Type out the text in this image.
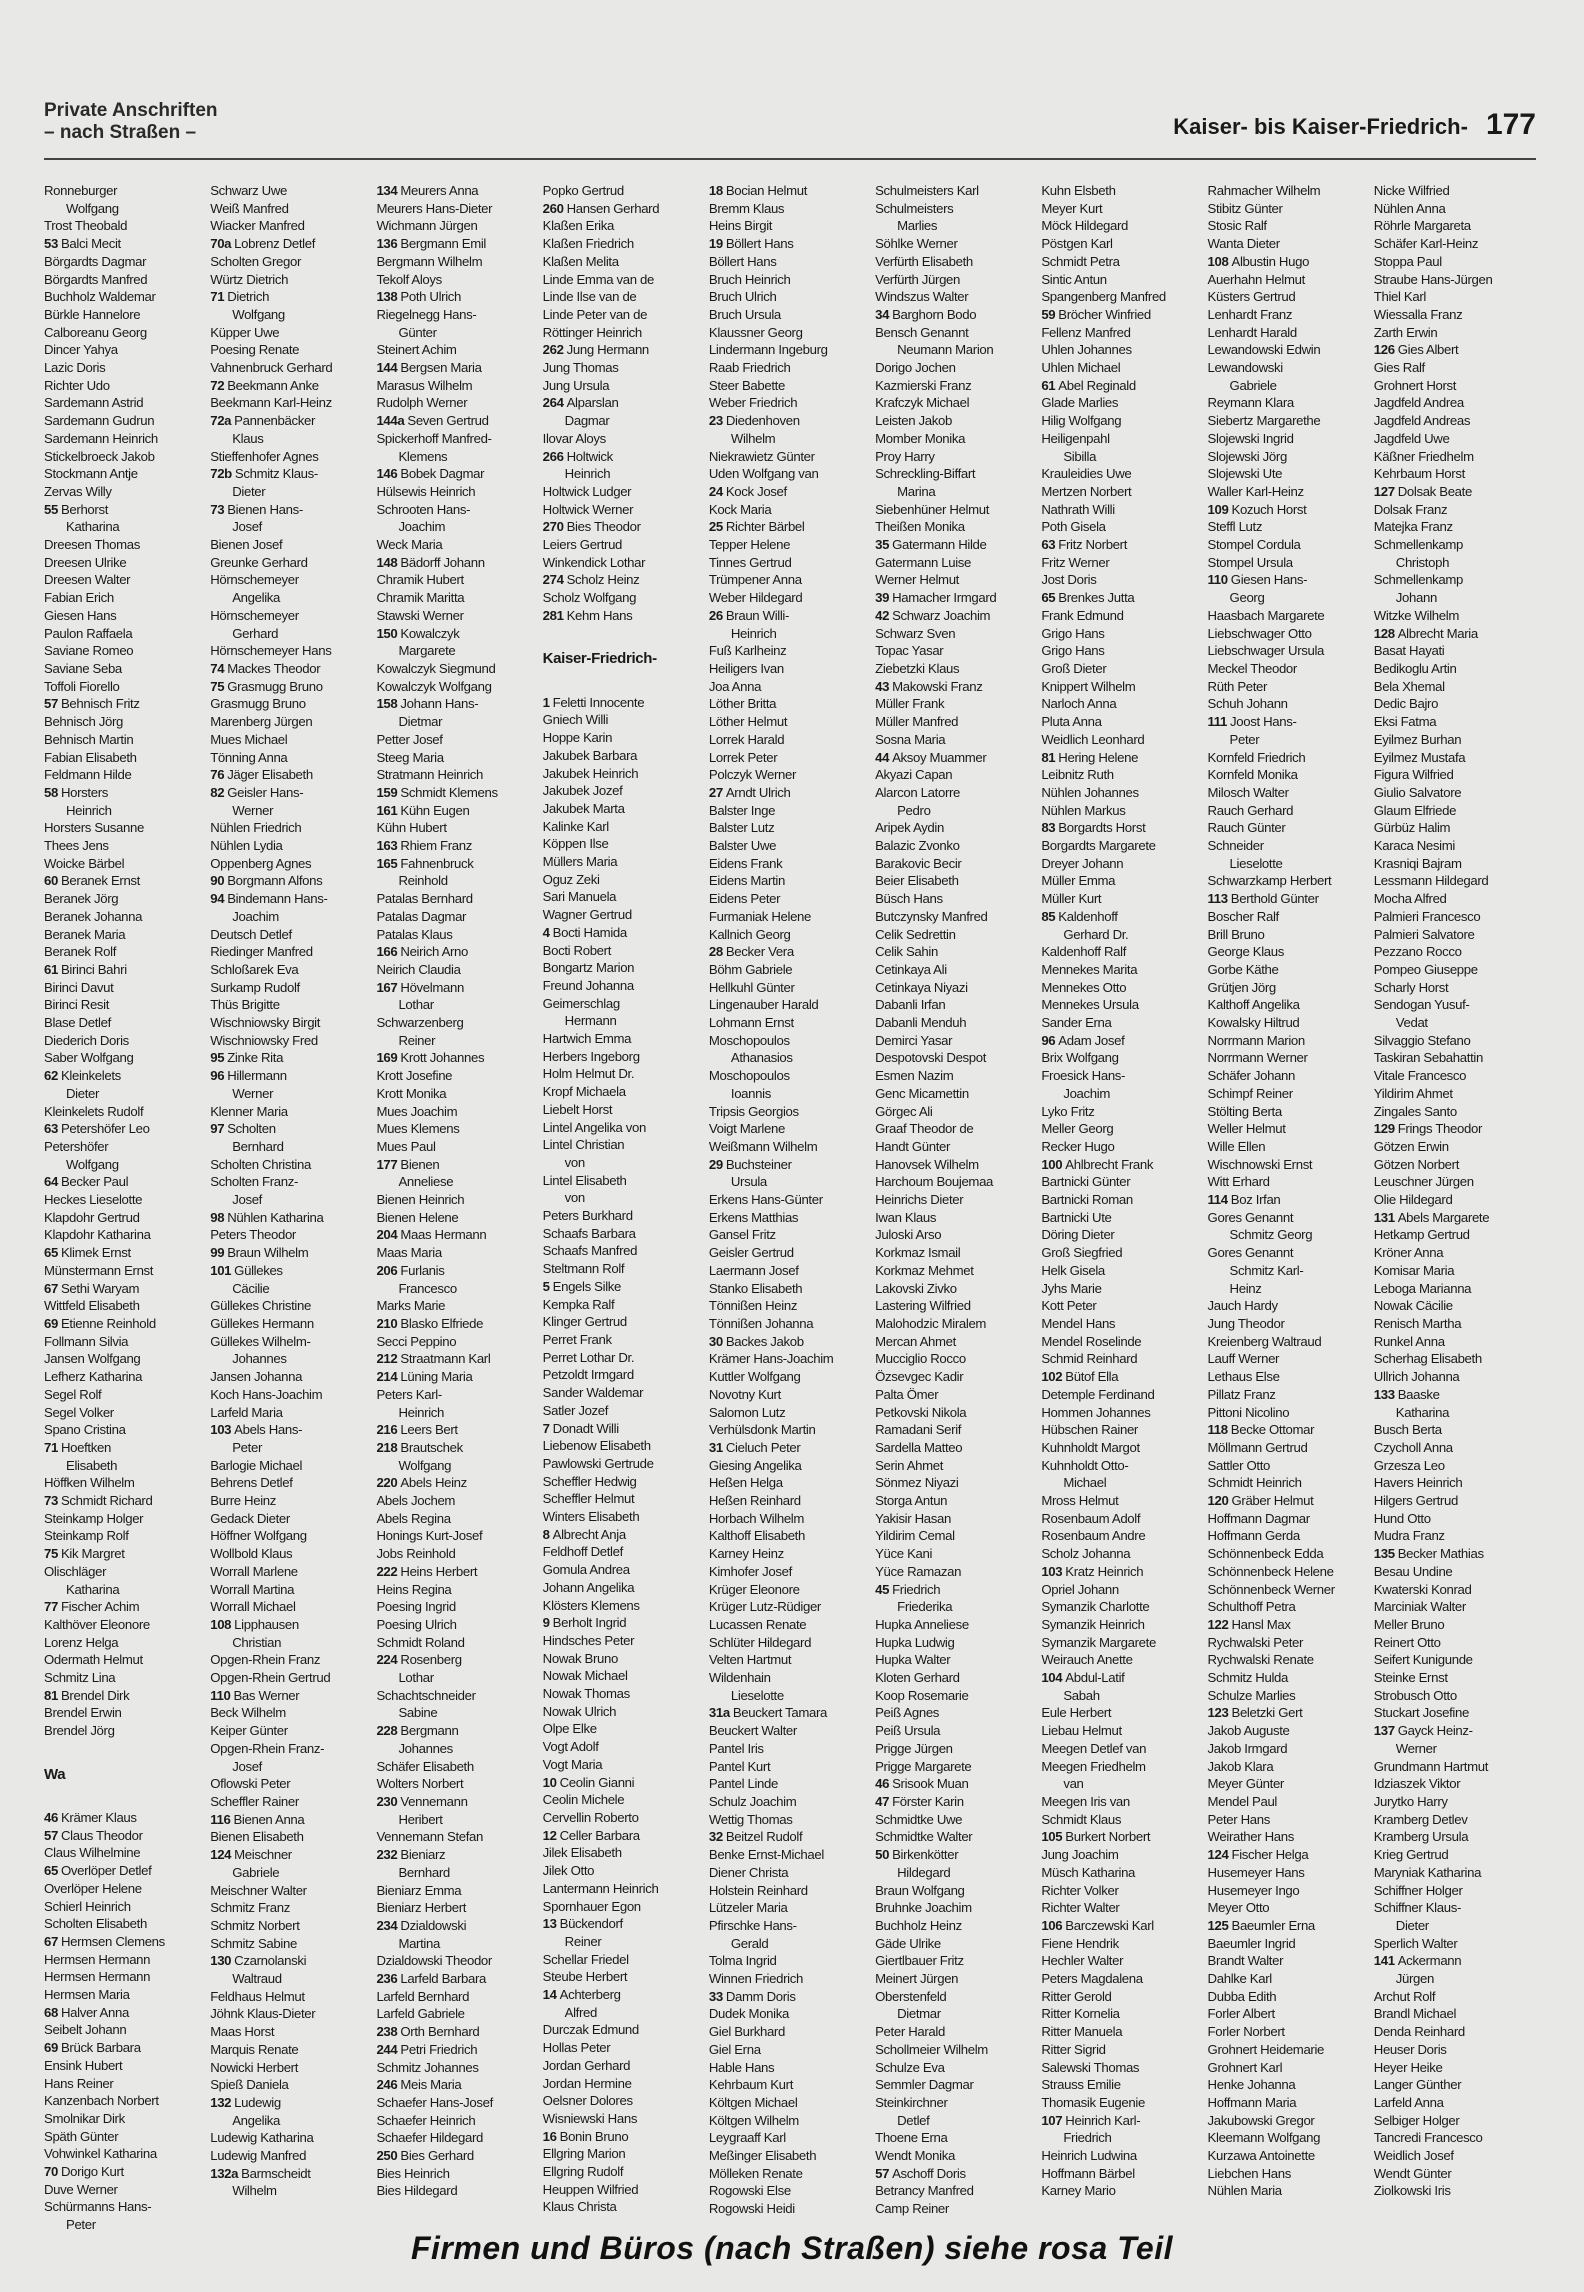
Private Anschriften
– nach Straßen –	Kaiser- bis Kaiser-Friedrich- 177
Ronneburger
Wolfgang
Trost Theobald
53 Balci Mecit
Börgardts Dagmar
Börgardts Manfred
Buchholz Waldemar
Bürkle Hannelore
Calboreanu Georg
Dincer Yahya
Lazic Doris
Richter Udo
Sardemann Astrid
Sardemann Gudrun
Sardemann Heinrich
Stickelbroeck Jakob
Stockmann Antje
Zervas Willy
55 Berhorst
Katharina
Dreesen Thomas
Dreesen Ulrike
Dreesen Walter
Fabian Erich
Giesen Hans
Paulon Raffaela
Saviane Romeo
Saviane Seba
Toffoli Fiorello
57 Behnisch Fritz
Behnisch Jörg
Behnisch Martin
Fabian Elisabeth
Feldmann Hilde
58 Horsters
Heinrich
Horsters Susanne
Thees Jens
Woicke Bärbel
60 Beranek Ernst
Beranek Jörg
Beranek Johanna
Beranek Maria
Beranek Rolf
61 Birinci Bahri
Birinci Davut
Birinci Resit
Blase Detlef
Diederich Doris
Saber Wolfgang
62 Kleinkelets
Dieter
Kleinkelets Rudolf
63 Petershöfer Leo
Petershöfer
Wolfgang
64 Becker Paul
Heckes Lieselotte
Klapdohr Gertrud
Klapdohr Katharina
65 Klimek Ernst
Münstermann Ernst
67 Sethi Waryam
Wittfeld Elisabeth
69 Etienne Reinhold
Follmann Silvia
Jansen Wolfgang
Lefherz Katharina
Segel Rolf
Segel Volker
Spano Cristina
71 Hoeftken
Elisabeth
Höffken Wilhelm
73 Schmidt Richard
Steinkamp Holger
Steinkamp Rolf
75 Kik Margret
Olischläger
Katharina
77 Fischer Achim
Kalthöver Eleonore
Lorenz Helga
Odermath Helmut
Schmitz Lina
81 Brendel Dirk
Brendel Erwin
Brendel Jörg

Wa

46 Krämer Klaus
57 Claus Theodor
Claus Wilhelmine
65 Overlöper Detlef
Overlöper Helene
Schierl Heinrich
Scholten Elisabeth
67 Hermsen Clemens
Hermsen Hermann
Hermsen Hermann
Hermsen Maria
68 Halver Anna
Seibelt Johann
69 Brück Barbara
Ensink Hubert
Hans Reiner
Kanzenbach Norbert
Smolnikar Dirk
Späth Günter
Vohwinkel Katharina
70 Dorigo Kurt
Duve Werner
Schürmanns Hans-
Peter
Schwarz Uwe
Weiß Manfred
Wiacker Manfred
70a Lobrenz Detlef
Scholten Gregor
Würtz Dietrich
71 Dietrich
Wolfgang
Küpper Uwe
Poesing Renate
Vahnenbruck Gerhard
72 Beekmann Anke
Beekmann Karl-Heinz
72a Pannenbäcker
Klaus
Stieffenhofer Agnes
72b Schmitz Klaus-
Dieter
73 Bienen Hans-
Josef
Bienen Josef
Greunke Gerhard
Hörnschemeyer
Angelika
Hörnschemeyer
Gerhard
Hörnschemeyer Hans
74 Mackes Theodor
75 Grasmugg Bruno
Grasmugg Bruno
Marenberg Jürgen
Mues Michael
Tönning Anna
76 Jäger Elisabeth
82 Geisler Hans-
Werner
Nühlen Friedrich
Nühlen Lydia
Oppenberg Agnes
90 Borgmann Alfons
94 Bindemann Hans-
Joachim
Deutsch Detlef
Riedinger Manfred
Schloßarek Eva
Surkamp Rudolf
Thüs Brigitte
Wischniowsky Birgit
Wischniowsky Fred
95 Zinke Rita
96 Hillermann
Werner
Klenner Maria
97 Scholten
Bernhard
Scholten Christina
Scholten Franz-
Josef
98 Nühlen Katharina
Peters Theodor
99 Braun Wilhelm
101 Güllekes
Cäcilie
Güllekes Christine
Güllekes Hermann
Güllekes Wilhelm-
Johannes
Jansen Johanna
Koch Hans-Joachim
Larfeld Maria
103 Abels Hans-
Peter
Barlogie Michael
Behrens Detlef
Burre Heinz
Gedack Dieter
Höffner Wolfgang
Wollbold Klaus
Worrall Marlene
Worrall Martina
Worrall Michael
108 Lipphausen
Christian
Opgen-Rhein Franz
Opgen-Rhein Gertrud
110 Bas Werner
Beck Wilhelm
Keiper Günter
Opgen-Rhein Franz-
Josef
Oflowski Peter
Scheffler Rainer
116 Bienen Anna
Bienen Elisabeth
124 Meischner
Gabriele
Meischner Walter
Schmitz Franz
Schmitz Norbert
Schmitz Sabine
130 Czarnolanski
Waltraud
Feldhaus Helmut
Jöhnk Klaus-Dieter
Maas Horst
Marquis Renate
Nowicki Herbert
Spieß Daniela
132 Ludewig
Angelika
Ludewig Katharina
Ludewig Manfred
132a Barmscheidt
Wilhelm
134 Meurers Anna
Meurers Hans-Dieter
Wichmann Jürgen
136 Bergmann Emil
Bergmann Wilhelm
Tekolf Aloys
138 Poth Ulrich
Riegelnegg Hans-
Günter
Steinert Achim
144 Bergsen Maria
Marasus Wilhelm
Rudolph Werner
144a Seven Gertrud
Spickerhoff Manfred-
Klemens
146 Bobek Dagmar
Hülsewis Heinrich
Schrooten Hans-
Joachim
Weck Maria
148 Bädorff Johann
Chramik Hubert
Chramik Maritta
Stawski Werner
150 Kowalczyk
Margarete
Kowalczyk Siegmund
Kowalczyk Wolfgang
158 Johann Hans-
Dietmar
Petter Josef
Steeg Maria
Stratmann Heinrich
159 Schmidt Klemens
161 Kühn Eugen
Kühn Hubert
163 Rhiem Franz
165 Fahnenbruck
Reinhold
Patalas Bernhard
Patalas Dagmar
Patalas Klaus
166 Neirich Arno
Neirich Claudia
167 Hövelmann
Lothar
Schwarzenberg
Reiner
169 Krott Johannes
Krott Josefine
Krott Monika
Mues Joachim
Mues Klemens
Mues Paul
177 Bienen
Anneliese
Bienen Heinrich
Bienen Helene
204 Maas Hermann
Maas Maria
206 Furlanis
Francesco
Marks Marie
210 Blasko Elfriede
Secci Peppino
212 Straatmann Karl
214 Lüning Maria
Peters Karl-
Heinrich
216 Leers Bert
218 Brautschek
Wolfgang
220 Abels Heinz
Abels Jochem
Abels Regina
Honings Kurt-Josef
Jobs Reinhold
222 Heins Herbert
Heins Regina
Poesing Ingrid
Poesing Ulrich
Schmidt Roland
224 Rosenberg
Lothar
Schachtschneider
Sabine
228 Bergmann
Johannes
Schäfer Elisabeth
Wolters Norbert
230 Vennemann
Heribert
Vennemann Stefan
232 Bieniarz
Bernhard
Bieniarz Emma
Bieniarz Herbert
234 Dzialdowski
Martina
Dzialdowski Theodor
236 Larfeld Barbara
Larfeld Bernhard
Larfeld Gabriele
238 Orth Bernhard
244 Petri Friedrich
Schmitz Johannes
246 Meis Maria
Schaefer Hans-Josef
Schaefer Heinrich
Schaefer Hildegard
250 Bies Gerhard
Bies Heinrich
Bies Hildegard
Popko Gertrud
260 Hansen Gerhard
Klaßen Erika
Klaßen Friedrich
Klaßen Melita
Linde Emma van de
Linde Ilse van de
Linde Peter van de
Röttinger Heinrich
262 Jung Hermann
Jung Thomas
Jung Ursula
264 Alparslan
Dagmar
Ilovar Aloys
266 Holtwick
Heinrich
Holtwick Ludger
Holtwick Werner
270 Bies Theodor
Leiers Gertrud
Winkendick Lothar
274 Scholz Heinz
Scholz Wolfgang
281 Kehm Hans

Kaiser-Friedrich-

1 Feletti Innocente
Gniech Willi
Hoppe Karin
Jakubek Barbara
Jakubek Heinrich
Jakubek Jozef
Jakubek Marta
Kalinke Karl
Köppen Ilse
Müllers Maria
Oguz Zeki
Sari Manuela
Wagner Gertrud
4 Bocti Hamida
Bocti Robert
Bongartz Marion
Freund Johanna
Geimerschlag
Hermann
Hartwich Emma
Herbers Ingeborg
Holm Helmut Dr.
Kropf Michaela
Liebelt Horst
Lintel Angelika von
Lintel Christian
von
Lintel Elisabeth
von
Peters Burkhard
Schaafs Barbara
Schaafs Manfred
Steltmann Rolf
5 Engels Silke
Kempka Ralf
Klinger Gertrud
Perret Frank
Perret Lothar Dr.
Petzoldt Irmgard
Sander Waldemar
Satler Jozef
7 Donadt Willi
Liebenow Elisabeth
Pawlowski Gertrude
Scheffler Hedwig
Scheffler Helmut
Winters Elisabeth
8 Albrecht Anja
Feldhoff Detlef
Gomula Andrea
Johann Angelika
Klösters Klemens
9 Berholt Ingrid
Hindsches Peter
Nowak Bruno
Nowak Michael
Nowak Thomas
Nowak Ulrich
Olpe Elke
Vogt Adolf
Vogt Maria
10 Ceolin Gianni
Ceolin Michele
Cervellin Roberto
12 Celler Barbara
Jilek Elisabeth
Jilek Otto
Lantermann Heinrich
Spornhauer Egon
13 Bückendorf
Reiner
Schellar Friedel
Steube Herbert
14 Achterberg
Alfred
Durczak Edmund
Hollas Peter
Jordan Gerhard
Jordan Hermine
Oelsner Dolores
Wisniewski Hans
16 Bonin Bruno
Ellgring Marion
Ellgring Rudolf
Heuppen Wilfried
Klaus Christa
18 Bocian Helmut
Bremm Klaus
Heins Birgit
19 Böllert Hans
Böllert Hans
Bruch Heinrich
Bruch Ulrich
Bruch Ursula
Klaussner Georg
Lindermann Ingeburg
Raab Friedrich
Steer Babette
Weber Friedrich
23 Diedenhoven
Wilhelm
Niekrawietz Günter
Uden Wolfgang van
24 Kock Josef
Kock Maria
25 Richter Bärbel
Tepper Helene
Tinnes Gertrud
Trümpener Anna
Weber Hildegard
26 Braun Willi-
Heinrich
Fuß Karlheinz
Heiligers Ivan
Joa Anna
Löther Britta
Löther Helmut
Lorrek Harald
Lorrek Peter
Polczyk Werner
27 Arndt Ulrich
Balster Inge
Balster Lutz
Balster Uwe
Eidens Frank
Eidens Martin
Eidens Peter
Furmaniak Helene
Kallnich Georg
28 Becker Vera
Böhm Gabriele
Hellkuhl Günter
Lingenauber Harald
Lohmann Ernst
Moschopoulos
Athanasios
Moschopoulos
Ioannis
Tripsis Georgios
Voigt Marlene
Weißmann Wilhelm
29 Buchsteiner
Ursula
Erkens Hans-Günter
Erkens Matthias
Gansel Fritz
Geisler Gertrud
Laermann Josef
Stanko Elisabeth
Tönnißen Heinz
Tönnißen Johanna
30 Backes Jakob
Krämer Hans-Joachim
Kuttler Wolfgang
Novotny Kurt
Salomon Lutz
Verhülsdonk Martin
31 Cieluch Peter
Giesing Angelika
Heßen Helga
Heßen Reinhard
Horbach Wilhelm
Kalthoff Elisabeth
Karney Heinz
Kimhofer Josef
Krüger Eleonore
Krüger Lutz-Rüdiger
Lucassen Renate
Schlüter Hildegard
Velten Hartmut
Wildenhain
Lieselotte
31a Beuckert Tamara
Beuckert Walter
Pantel Iris
Pantel Kurt
Pantel Linde
Schulz Joachim
Wettig Thomas
32 Beitzel Rudolf
Benke Ernst-Michael
Diener Christa
Holstein Reinhard
Lützeler Maria
Pfirschke Hans-
Gerald
Tolma Ingrid
Winnen Friedrich
33 Damm Doris
Dudek Monika
Giel Burkhard
Giel Erna
Hable Hans
Kehrbaum Kurt
Költgen Michael
Költgen Wilhelm
Leygraaff Karl
Meßinger Elisabeth
Mölleken Renate
Rogowski Else
Rogowski Heidi
Schulmeisters Karl
Schulmeisters
Marlies
Söhlke Werner
Verfürth Elisabeth
Verfürth Jürgen
Windszus Walter
34 Barghorn Bodo
Bensch Genannt
Neumann Marion
Dorigo Jochen
Kazmierski Franz
Krafczyk Michael
Leisten Jakob
Momber Monika
Proy Harry
Schreckling-Biffart
Marina
Siebenhüner Helmut
Theißen Monika
35 Gatermann Hilde
Gatermann Luise
Werner Helmut
39 Hamacher Irmgard
42 Schwarz Joachim
Schwarz Sven
Topac Yasar
Ziebetzki Klaus
43 Makowski Franz
Müller Frank
Müller Manfred
Sosna Maria
44 Aksoy Muammer
Akyazi Capan
Alarcon Latorre
Pedro
Aripek Aydin
Balazic Zvonko
Barakovic Becir
Beier Elisabeth
Büsch Hans
Butczynsky Manfred
Celik Sedrettin
Celik Sahin
Cetinkaya Ali
Cetinkaya Niyazi
Dabanli Irfan
Dabanli Menduh
Demirci Yasar
Despotovski Despot
Esmen Nazim
Genc Micamettin
Görgec Ali
Graaf Theodor de
Handt Günter
Hanovsek Wilhelm
Harchoum Boujemaa
Heinrichs Dieter
Iwan Klaus
Juloski Arso
Korkmaz Ismail
Korkmaz Mehmet
Lakovski Zivko
Lastering Wilfried
Malohodzic Miralem
Mercan Ahmet
Mucciglio Rocco
Özsevgec Kadir
Palta Ömer
Petkovski Nikola
Ramadani Serif
Sardella Matteo
Serin Ahmet
Sönmez Niyazi
Storga Antun
Yakisir Hasan
Yildirim Cemal
Yüce Kani
Yüce Ramazan
45 Friedrich
Friederika
Hupka Anneliese
Hupka Ludwig
Hupka Walter
Kloten Gerhard
Koop Rosemarie
Peiß Agnes
Peiß Ursula
Prigge Jürgen
Prigge Margarete
46 Srisook Muan
47 Förster Karin
Schmidtke Uwe
Schmidtke Walter
50 Birkenkötter
Hildegard
Braun Wolfgang
Bruhnke Joachim
Buchholz Heinz
Gäde Ulrike
Giertlbauer Fritz
Meinert Jürgen
Oberstenfeld
Dietmar
Peter Harald
Schollmeier Wilhelm
Schulze Eva
Semmler Dagmar
Steinkirchner
Detlef
Thoene Erna
Wendt Monika
57 Aschoff Doris
Betrancy Manfred
Camp Reiner
Kuhn Elsbeth
Meyer Kurt
Möck Hildegard
Pöstgen Karl
Schmidt Petra
Sintic Antun
Spangenberg Manfred
59 Bröcher Winfried
Fellenz Manfred
Uhlen Johannes
Uhlen Michael
61 Abel Reginald
Glade Marlies
Hilig Wolfgang
Heiligenpahl
Sibilla
Krauleidies Uwe
Mertzen Norbert
Nathrath Willi
Poth Gisela
63 Fritz Norbert
Fritz Werner
Jost Doris
65 Brenkes Jutta
Frank Edmund
Grigo Hans
Grigo Hans
Groß Dieter
Knippert Wilhelm
Narloch Anna
Pluta Anna
Weidlich Leonhard
81 Hering Helene
Leibnitz Ruth
Nühlen Johannes
Nühlen Markus
83 Borgardts Horst
Borgardts Margarete
Dreyer Johann
Müller Emma
Müller Kurt
85 Kaldenhoff
Gerhard Dr.
Kaldenhoff Ralf
Mennekes Marita
Mennekes Otto
Mennekes Ursula
Sander Erna
96 Adam Josef
Brix Wolfgang
Froesick Hans-
Joachim
Lyko Fritz
Meller Georg
Recker Hugo
100 Ahlbrecht Frank
Bartnicki Günter
Bartnicki Roman
Bartnicki Ute
Döring Dieter
Groß Siegfried
Helk Gisela
Jyhs Marie
Kott Peter
Mendel Hans
Mendel Roselinde
Schmid Reinhard
102 Bütof Ella
Detemple Ferdinand
Hommen Johannes
Hübschen Rainer
Kuhnholdt Margot
Kuhnholdt Otto-
Michael
Mross Helmut
Rosenbaum Adolf
Rosenbaum Andre
Scholz Johanna
103 Kratz Heinrich
Opriel Johann
Symanzik Charlotte
Symanzik Heinrich
Symanzik Margarete
Weirauch Anette
104 Abdul-Latif
Sabah
Eule Herbert
Liebau Helmut
Meegen Detlef van
Meegen Friedhelm
van
Meegen Iris van
Schmidt Klaus
105 Burkert Norbert
Jung Joachim
Müsch Katharina
Richter Volker
Richter Walter
106 Barczewski Karl
Fiene Hendrik
Hechler Walter
Peters Magdalena
Ritter Gerold
Ritter Kornelia
Ritter Manuela
Ritter Sigrid
Salewski Thomas
Strauss Emilie
Thomasik Eugenie
107 Heinrich Karl-
Friedrich
Heinrich Ludwina
Hoffmann Bärbel
Karney Mario
Rahmacher Wilhelm
Stibitz Günter
Stosic Ralf
Wanta Dieter
108 Albustin Hugo
Auerhahn Helmut
Küsters Gertrud
Lenhardt Franz
Lenhardt Harald
Lewandowski Edwin
Lewandowski
Gabriele
Reymann Klara
Siebertz Margarethe
Slojewski Ingrid
Slojewski Jörg
Slojewski Ute
Waller Karl-Heinz
109 Kozuch Horst
Steffl Lutz
Stompel Cordula
Stompel Ursula
110 Giesen Hans-
Georg
Haasbach Margarete
Liebschwager Otto
Liebschwager Ursula
Meckel Theodor
Rüth Peter
Schuh Johann
111 Joost Hans-
Peter
Kornfeld Friedrich
Kornfeld Monika
Milosch Walter
Rauch Gerhard
Rauch Günter
Schneider
Lieselotte
Schwarzkamp Herbert
113 Berthold Günter
Boscher Ralf
Brill Bruno
George Klaus
Gorbe Käthe
Grütjen Jörg
Kalthoff Angelika
Kowalsky Hiltrud
Norrmann Marion
Norrmann Werner
Schäfer Johann
Schimpf Reiner
Stölting Berta
Weller Helmut
Wille Ellen
Wischnowski Ernst
Witt Erhard
114 Boz Irfan
Gores Genannt
Schmitz Georg
Gores Genannt
Schmitz Karl-
Heinz
Jauch Hardy
Jung Theodor
Kreienberg Waltraud
Lauff Werner
Lethaus Else
Pillatz Franz
Pittoni Nicolino
118 Becke Ottomar
Möllmann Gertrud
Sattler Otto
Schmidt Heinrich
120 Gräber Helmut
Hoffmann Dagmar
Hoffmann Gerda
Schönnenbeck Edda
Schönnenbeck Helene
Schönnenbeck Werner
Schulthoff Petra
122 Hansl Max
Rychwalski Peter
Rychwalski Renate
Schmitz Hulda
Schulze Marlies
123 Beletzki Gert
Jakob Auguste
Jakob Irmgard
Jakob Klara
Meyer Günter
Mendel Paul
Peter Hans
Weirather Hans
124 Fischer Helga
Husemeyer Hans
Husemeyer Ingo
Meyer Otto
125 Baeumler Erna
Baeumler Ingrid
Brandt Walter
Dahlke Karl
Dubba Edith
Forler Albert
Forler Norbert
Grohnert Heidemarie
Grohnert Karl
Henke Johanna
Hoffmann Maria
Jakubowski Gregor
Kleemann Wolfgang
Kurzawa Antoinette
Liebchen Hans
Nühlen Maria
Nicke Wilfried
Nühlen Anna
Röhrle Margareta
Schäfer Karl-Heinz
Stoppa Paul
Straube Hans-Jürgen
Thiel Karl
Wiessalla Franz
Zarth Erwin
126 Gies Albert
Gies Ralf
Grohnert Horst
Jagdfeld Andrea
Jagdfeld Andreas
Jagdfeld Uwe
Käßner Friedhelm
Kehrbaum Horst
127 Dolsak Beate
Dolsak Franz
Matejka Franz
Schmellenkamp
Christoph
Schmellenkamp
Johann
Witzke Wilhelm
128 Albrecht Maria
Basat Hayati
Bedikoglu Artin
Bela Xhemal
Dedic Bajro
Eksi Fatma
Eyilmez Burhan
Eyilmez Mustafa
Figura Wilfried
Giulio Salvatore
Glaum Elfriede
Gürbüz Halim
Karaca Nesimi
Krasniqi Bajram
Lessmann Hildegard
Mocha Alfred
Palmieri Francesco
Palmieri Salvatore
Pezzano Rocco
Pompeo Giuseppe
Scharly Horst
Sendogan Yusuf-
Vedat
Silvaggio Stefano
Taskiran Sebahattin
Vitale Francesco
Yildirim Ahmet
Zingales Santo
129 Frings Theodor
Götzen Erwin
Götzen Norbert
Leuschner Jürgen
Olie Hildegard
131 Abels Margarete
Hetkamp Gertrud
Kröner Anna
Komisar Maria
Leboga Marianna
Nowak Cäcilie
Renisch Martha
Runkel Anna
Scherhag Elisabeth
Ullrich Johanna
133 Baaske
Katharina
Busch Berta
Czycholl Anna
Grzesza Leo
Havers Heinrich
Hilgers Gertrud
Hund Otto
Mudra Franz
135 Becker Mathias
Besau Undine
Kwaterski Konrad
Marciniak Walter
Meller Bruno
Reinert Otto
Seifert Kunigunde
Steinke Ernst
Strobusch Otto
Stuckart Josefine
137 Gayck Heinz-
Werner
Grundmann Hartmut
Idziaszek Viktor
Jurytko Harry
Kramberg Detlev
Kramberg Ursula
Krieg Gertrud
Maryniak Katharina
Schiffner Holger
Schiffner Klaus-
Dieter
Sperlich Walter
141 Ackermann
Jürgen
Archut Rolf
Brandl Michael
Denda Reinhard
Heuser Doris
Heyer Heike
Langer Günther
Larfeld Anna
Selbiger Holger
Tancredi Francesco
Weidlich Josef
Wendt Günter
Ziolkowski Iris
Firmen und Büros (nach Straßen) siehe rosa Teil
